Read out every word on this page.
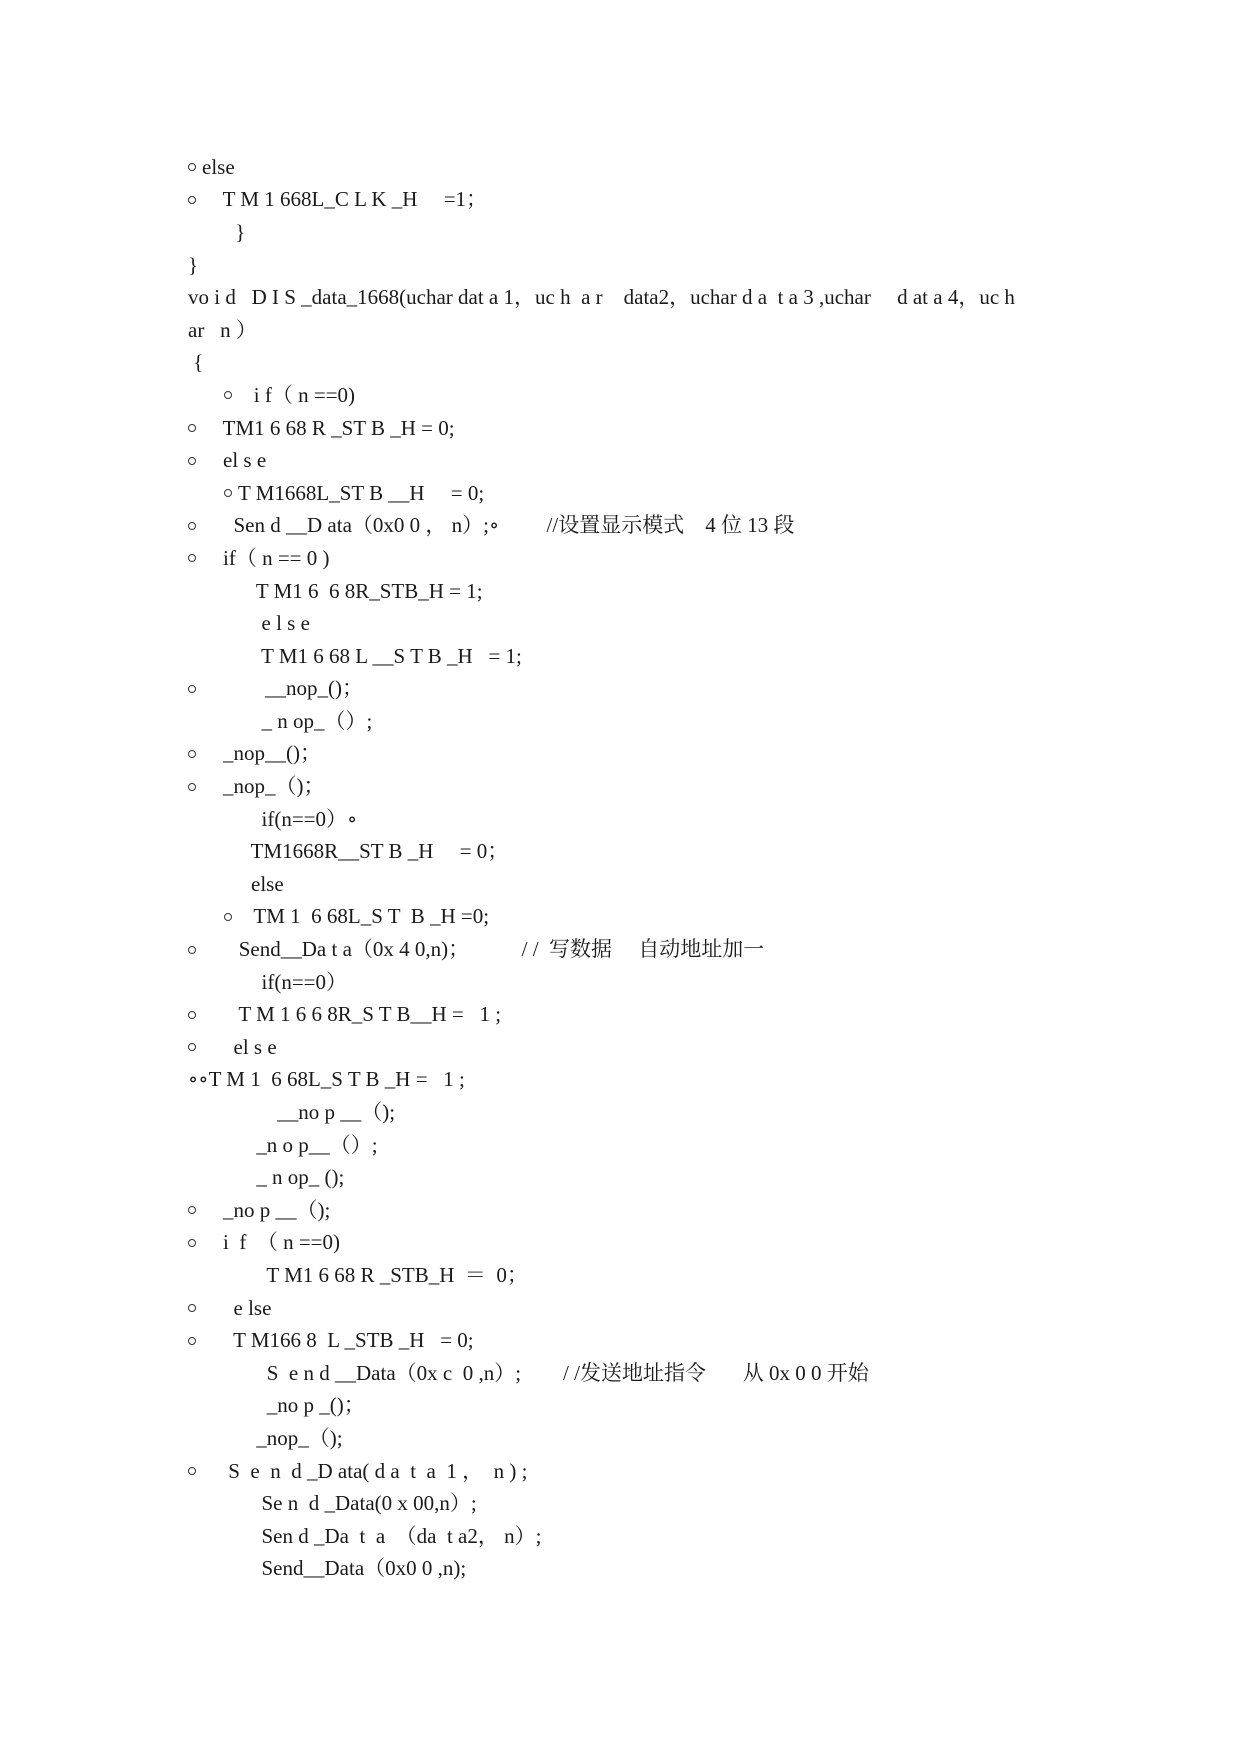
else
T M 1 668L_C L K _H     =1；
}
}
vo i d   D I S _data_1668(uchar dat a 1，uc h  a r    data2，uchar d a  t a 3 ,uchar     d at a 4，uc h
ar   n ）
{
i f（ n ==0)
TM1 6 68 R _ST B _H = 0;
el s e
T M1668L_ST B __H     = 0;
Sen d __D ata（0x0 0 ， n）;∘         //设置显示模式    4 位 13 段
if（ n == 0 )
T M1 6  6 8R_STB_H = 1;
e l s e
T M1 6 68 L __S T B _H   = 1;
__nop_()；
_ n op_（）;
_nop__()；
_nop_（)；
if(n==0）∘
TM1668R__ST B _H     = 0；
else
TM 1  6 68L_S T  B _H =0;
Send__Da t a（0x 4 0,n)；          / /  写数据     自动地址加一
if(n==0）
T M 1 6 6 8R_S T B__H =   1 ;
el s e
∘∘T M 1  6 68L_S T B _H =   1 ;
__no p __（);
_n o p__（）;
_ n op_ ();
_no p __（);
i  f  （ n ==0)
T M1 6 68 R _STB_H  ＝  0；
e lse
T M166 8  L _STB _H   = 0;
S  e n d __Data（0x c  0 ,n）;        / /发送地址指令       从 0x 0 0 开始
_no p _()；
_nop_（);
S  e  n  d _D ata( d a  t  a  1 ，  n ) ;
Se n  d _Data(0 x 00,n）;
Sen d _Da  t  a  （da  t a2， n）;
Send__Data（0x0 0 ,n);
